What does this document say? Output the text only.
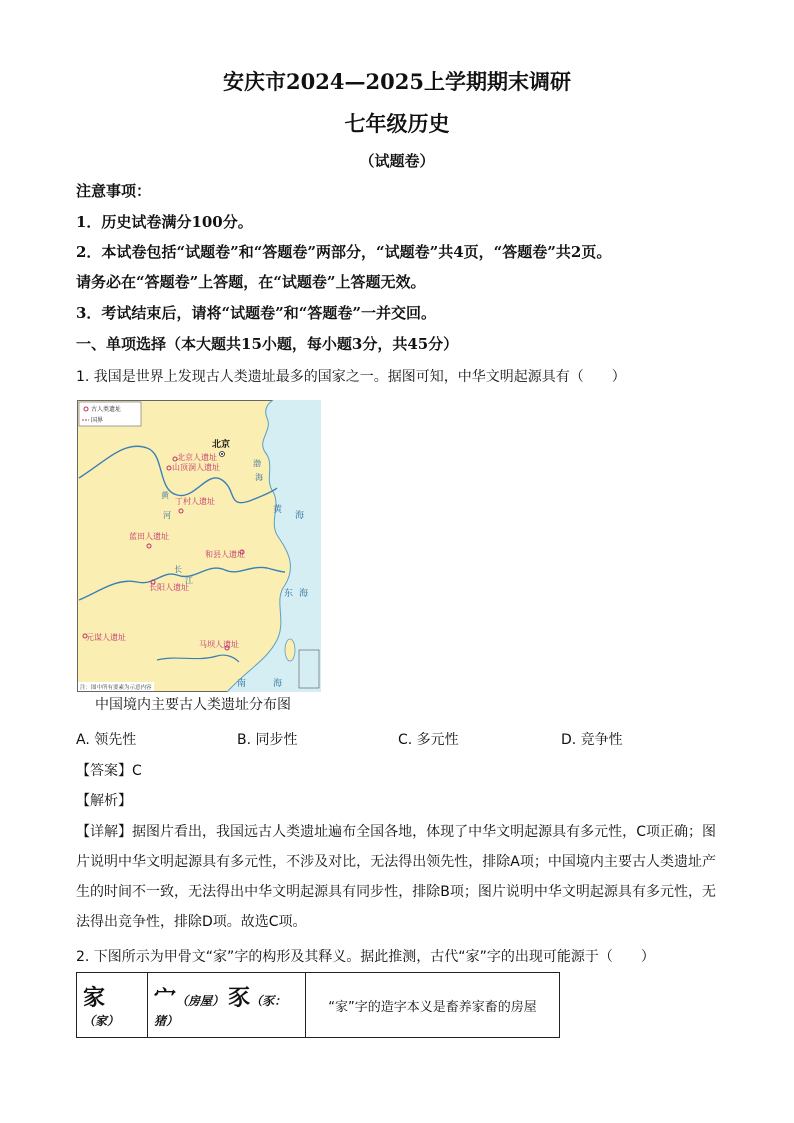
安庆市2024—2025上学期期末调研
七年级历史
（试题卷）
注意事项：
1．历史试卷满分100分。
2．本试卷包括“试题卷”和“答题卷”两部分，“试题卷”共4页，“答题卷”共2页。
请务必在“答题卷”上答题，在“试题卷”上答题无效。
3．考试结束后，请将“试题卷”和“答题卷”一并交回。
一、单项选择（本大题共15小题，每小题3分，共45分）
1. 我国是世界上发现古人类遗址最多的国家之一。据图可知，中华文明起源具有（　　）
古人类遗址
国界
北京
北京人遗址
山顶洞人遗址
丁村人遗址
蓝田人遗址
和县人遗址
长阳人遗址
元谋人遗址
马坝人遗址
黄
河
长
江
渤
海
黄
海
东 海
南	海
注：图中所有要素为示意内容
中国境内主要古人类遗址分布图
A. 领先性	B. 同步性	C. 多元性	D. 竞争性
【答案】C
【解析】
【详解】据图片看出，我国远古人类遗址遍布全国各地，体现了中华文明起源具有多元性，C项正确；图片说明中华文明起源具有多元性，不涉及对比，无法得出领先性，排除A项；中国境内主要古人类遗址产生的时间不一致，无法得出中华文明起源具有同步性，排除B项；图片说明中华文明起源具有多元性，无法得出竞争性，排除D项。故选C项。
2. 下图所示为甲骨文“家”字的构形及其释义。据此推测，古代“家”字的出现可能源于（　　）
家（家）	宀（房屋） 豕（豕：猪）	“家”字的造字本义是畜养家畜的房屋
